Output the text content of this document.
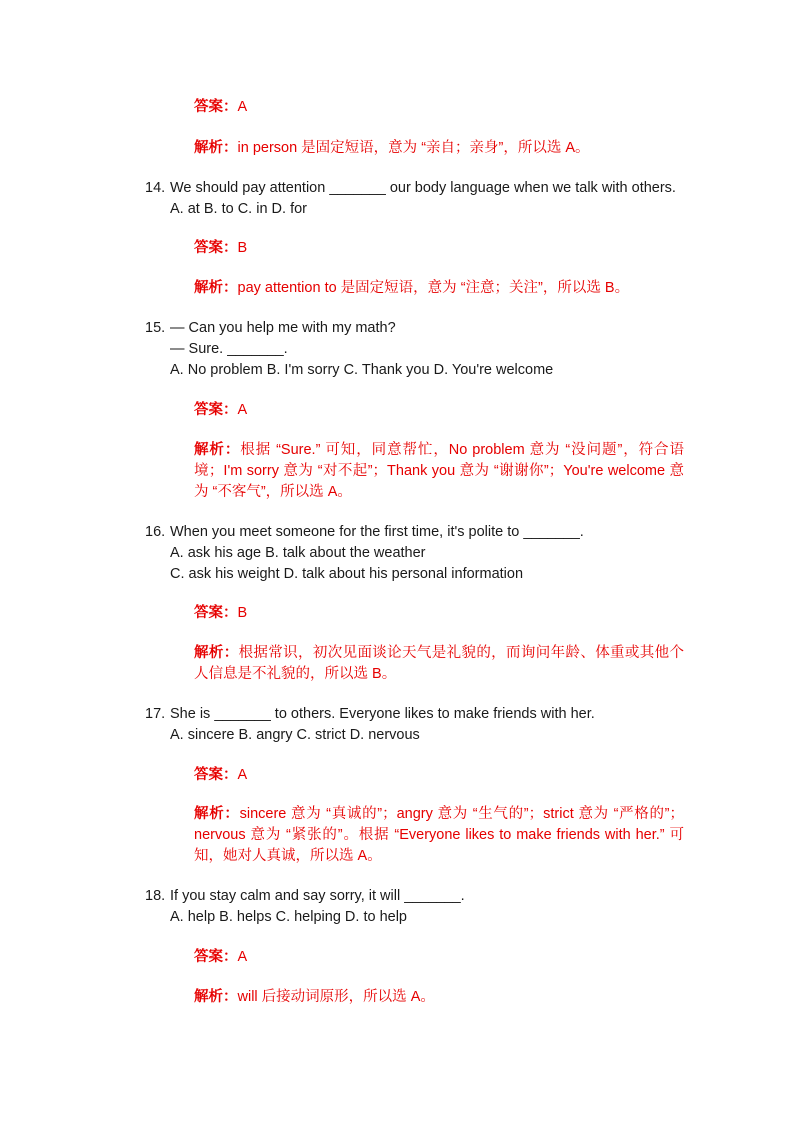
答案：A
解析：in person 是固定短语，意为 “亲自；亲身”，所以选 A。
14. We should pay attention _______ our body language when we talk with others.
A. at B. to C. in D. for
答案：B
解析：pay attention to 是固定短语，意为 “注意；关注”，所以选 B。
15. — Can you help me with my math?
— Sure. _______.
A. No problem B. I'm sorry C. Thank you D. You're welcome
答案：A
解析：根据 “Sure.” 可知，同意帮忙，No problem 意为 “没问题”，符合语
境；I'm sorry 意为 “对不起”；Thank you 意为 “谢谢你”；You're welcome 意
为 “不客气”，所以选 A。
16. When you meet someone for the first time, it's polite to _______.
A. ask his age B. talk about the weather
C. ask his weight D. talk about his personal information
答案：B
解析：根据常识，初次见面谈论天气是礼貌的，而询问年龄、体重或其他个
人信息是不礼貌的，所以选 B。
17. She is _______ to others. Everyone likes to make friends with her.
A. sincere B. angry C. strict D. nervous
答案：A
解析：sincere 意为 “真诚的”；angry 意为 “生气的”；strict 意为 “严格的”；
nervous 意为 “紧张的”。根据 “Everyone likes to make friends with her.” 可
知，她对人真诚，所以选 A。
18. If you stay calm and say sorry, it will _______.
A. help B. helps C. helping D. to help
答案：A
解析：will 后接动词原形，所以选 A。
